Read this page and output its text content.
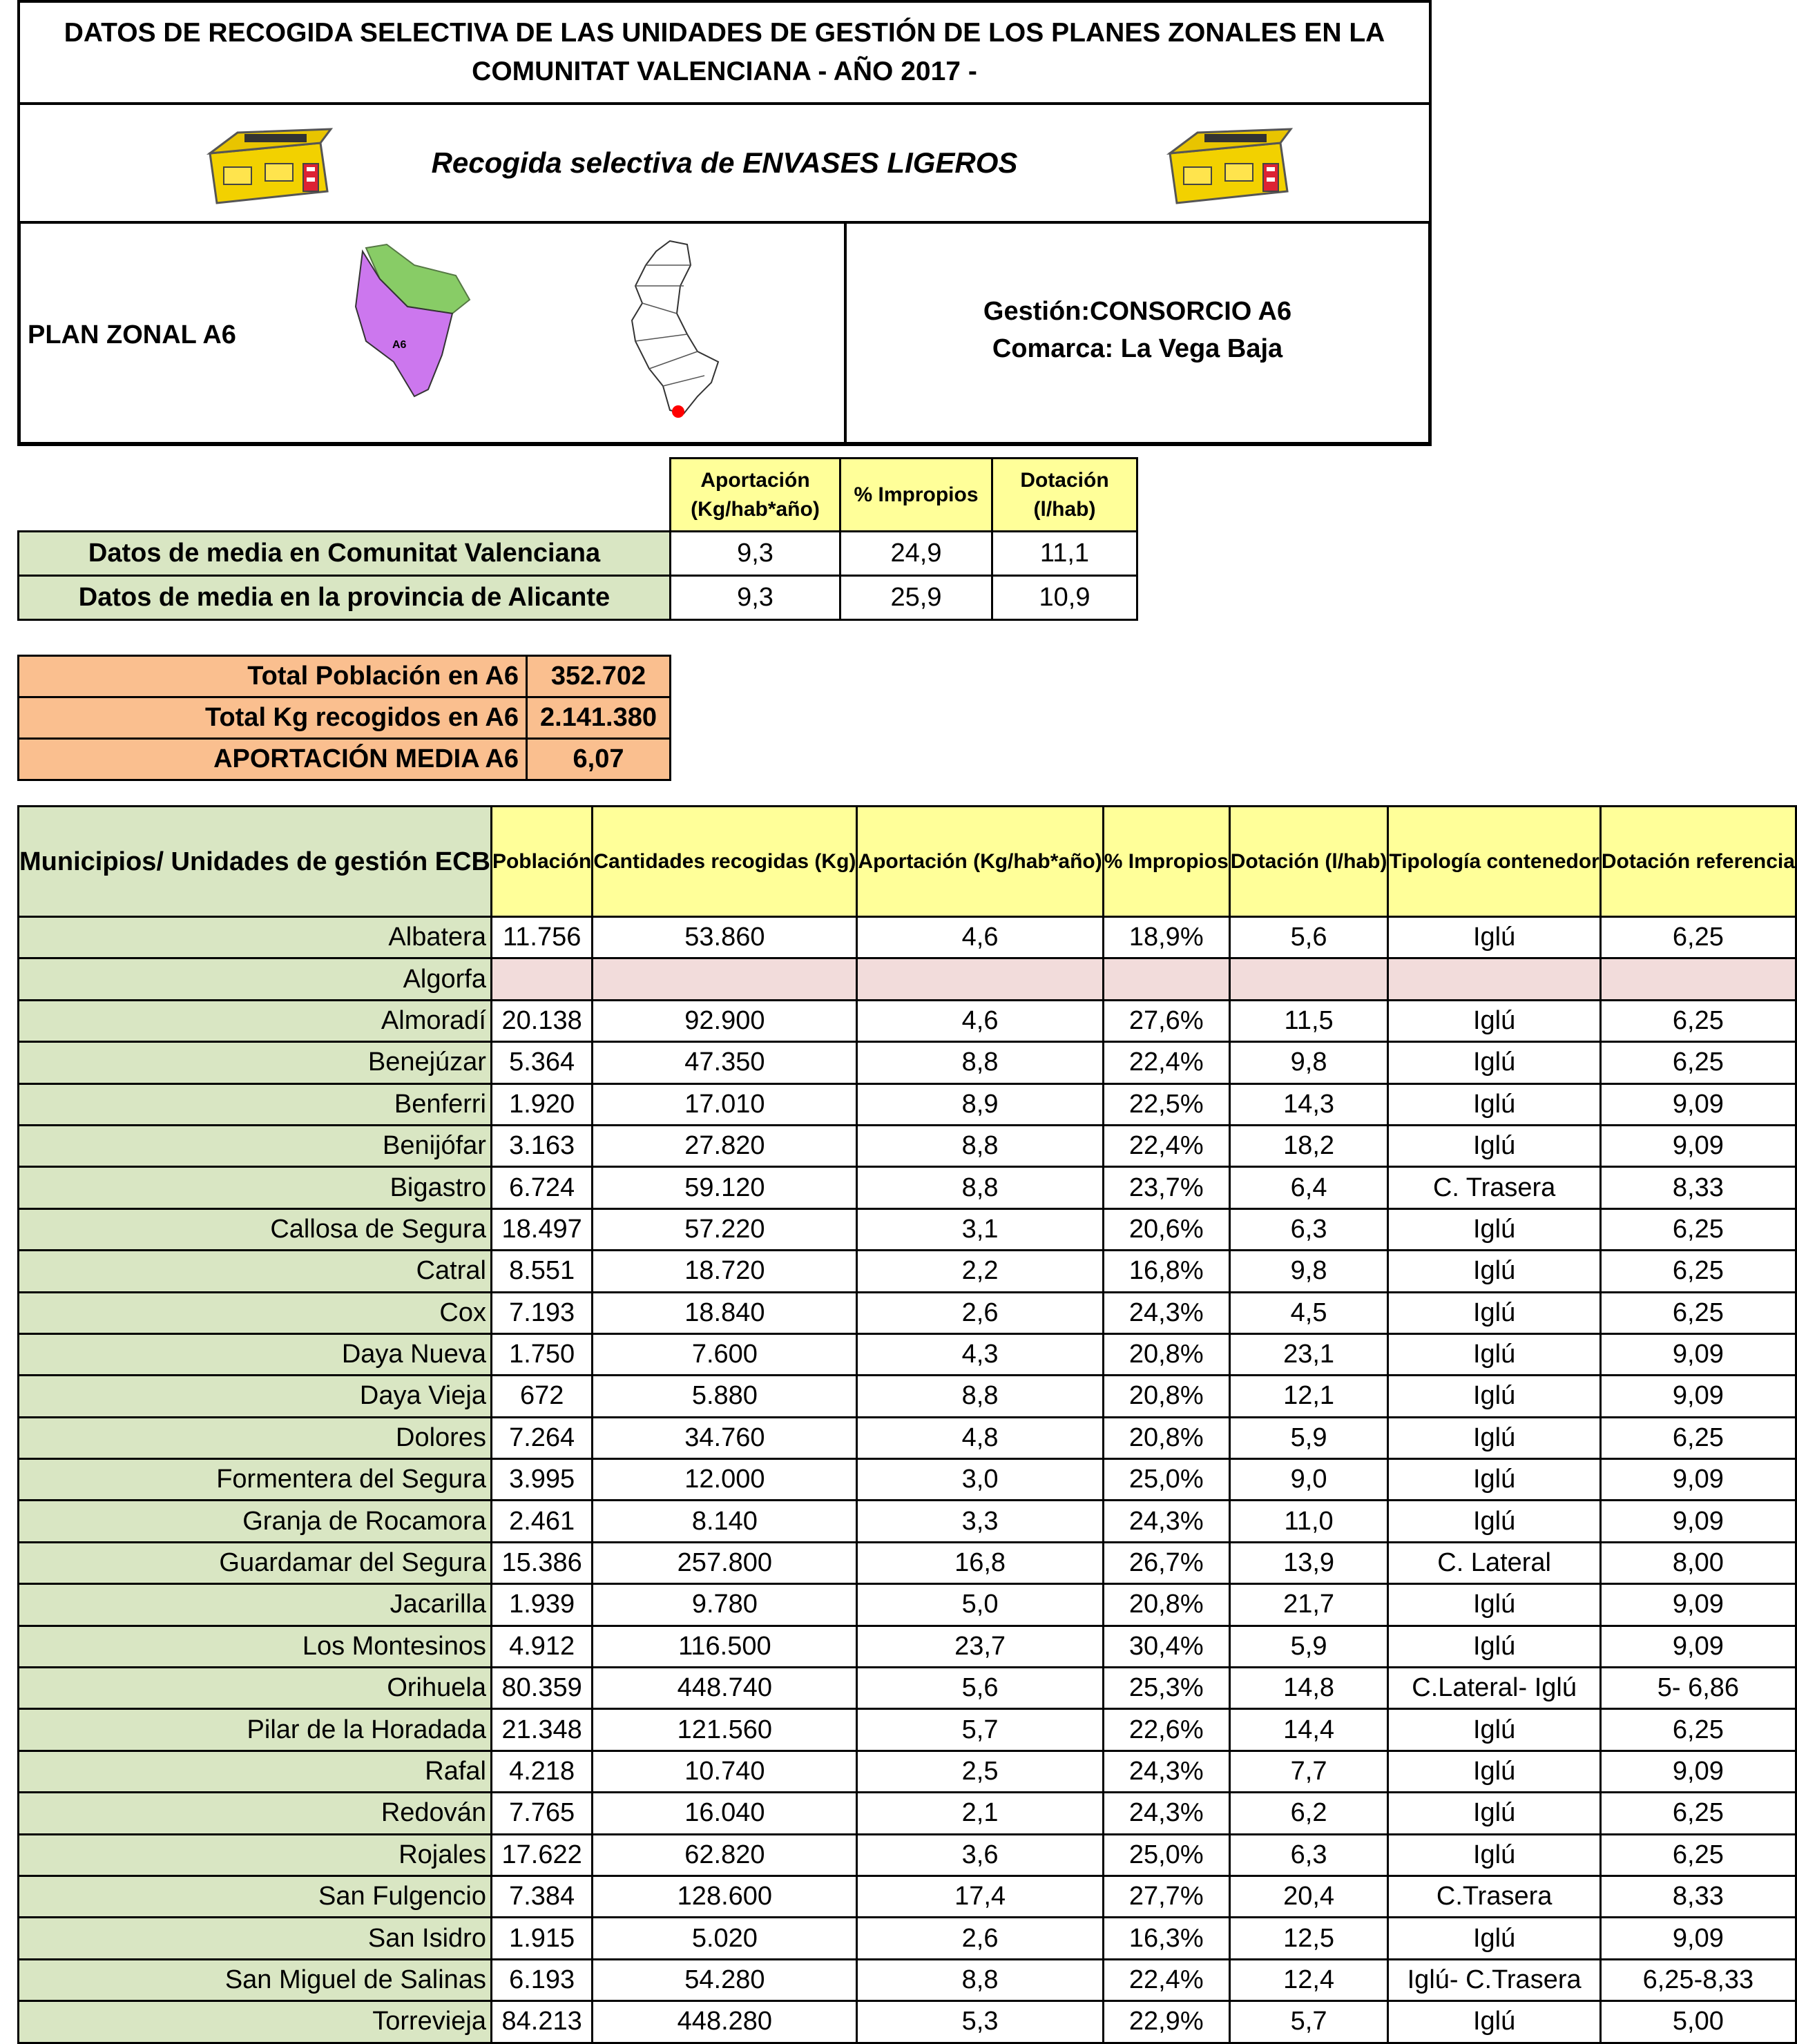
DATOS DE RECOGIDA SELECTIVA DE LAS UNIDADES DE GESTIÓN DE LOS PLANES ZONALES EN LA COMUNITAT VALENCIANA - AÑO 2017 -
Recogida selectiva de ENVASES LIGEROS
PLAN ZONAL A6	A6
Gestión:CONSORCIO A6
Comarca: La Vega Baja
	Aportación (Kg/hab*año)	% Impropios	Dotación (l/hab)
Datos de media en Comunitat Valenciana	9,3	24,9	11,1
Datos de media en la provincia de Alicante	9,3	25,9	10,9
Total Población en A6	352.702
Total Kg recogidos en A6	2.141.380
APORTACIÓN MEDIA A6	6,07
Municipios/ Unidades de gestión ECB	Población	Cantidades recogidas (Kg)	Aportación (Kg/hab*año)	% Impropios	Dotación (l/hab)	Tipología contenedor	Dotación referencia
Albatera	11.756	53.860	4,6	18,9%	5,6	Iglú	6,25
Algorfa							
Almoradí	20.138	92.900	4,6	27,6%	11,5	Iglú	6,25
Benejúzar	5.364	47.350	8,8	22,4%	9,8	Iglú	6,25
Benferri	1.920	17.010	8,9	22,5%	14,3	Iglú	9,09
Benijófar	3.163	27.820	8,8	22,4%	18,2	Iglú	9,09
Bigastro	6.724	59.120	8,8	23,7%	6,4	C. Trasera	8,33
Callosa de Segura	18.497	57.220	3,1	20,6%	6,3	Iglú	6,25
Catral	8.551	18.720	2,2	16,8%	9,8	Iglú	6,25
Cox	7.193	18.840	2,6	24,3%	4,5	Iglú	6,25
Daya Nueva	1.750	7.600	4,3	20,8%	23,1	Iglú	9,09
Daya Vieja	672	5.880	8,8	20,8%	12,1	Iglú	9,09
Dolores	7.264	34.760	4,8	20,8%	5,9	Iglú	6,25
Formentera del Segura	3.995	12.000	3,0	25,0%	9,0	Iglú	9,09
Granja de Rocamora	2.461	8.140	3,3	24,3%	11,0	Iglú	9,09
Guardamar del Segura	15.386	257.800	16,8	26,7%	13,9	C. Lateral	8,00
Jacarilla	1.939	9.780	5,0	20,8%	21,7	Iglú	9,09
Los Montesinos	4.912	116.500	23,7	30,4%	5,9	Iglú	9,09
Orihuela	80.359	448.740	5,6	25,3%	14,8	C.Lateral- Iglú	5- 6,86
Pilar de la Horadada	21.348	121.560	5,7	22,6%	14,4	Iglú	6,25
Rafal	4.218	10.740	2,5	24,3%	7,7	Iglú	9,09
Redován	7.765	16.040	2,1	24,3%	6,2	Iglú	6,25
Rojales	17.622	62.820	3,6	25,0%	6,3	Iglú	6,25
San Fulgencio	7.384	128.600	17,4	27,7%	20,4	C.Trasera	8,33
San Isidro	1.915	5.020	2,6	16,3%	12,5	Iglú	9,09
San Miguel de Salinas	6.193	54.280	8,8	22,4%	12,4	Iglú- C.Trasera	6,25-8,33
Torrevieja	84.213	448.280	5,3	22,9%	5,7	Iglú	5,00
